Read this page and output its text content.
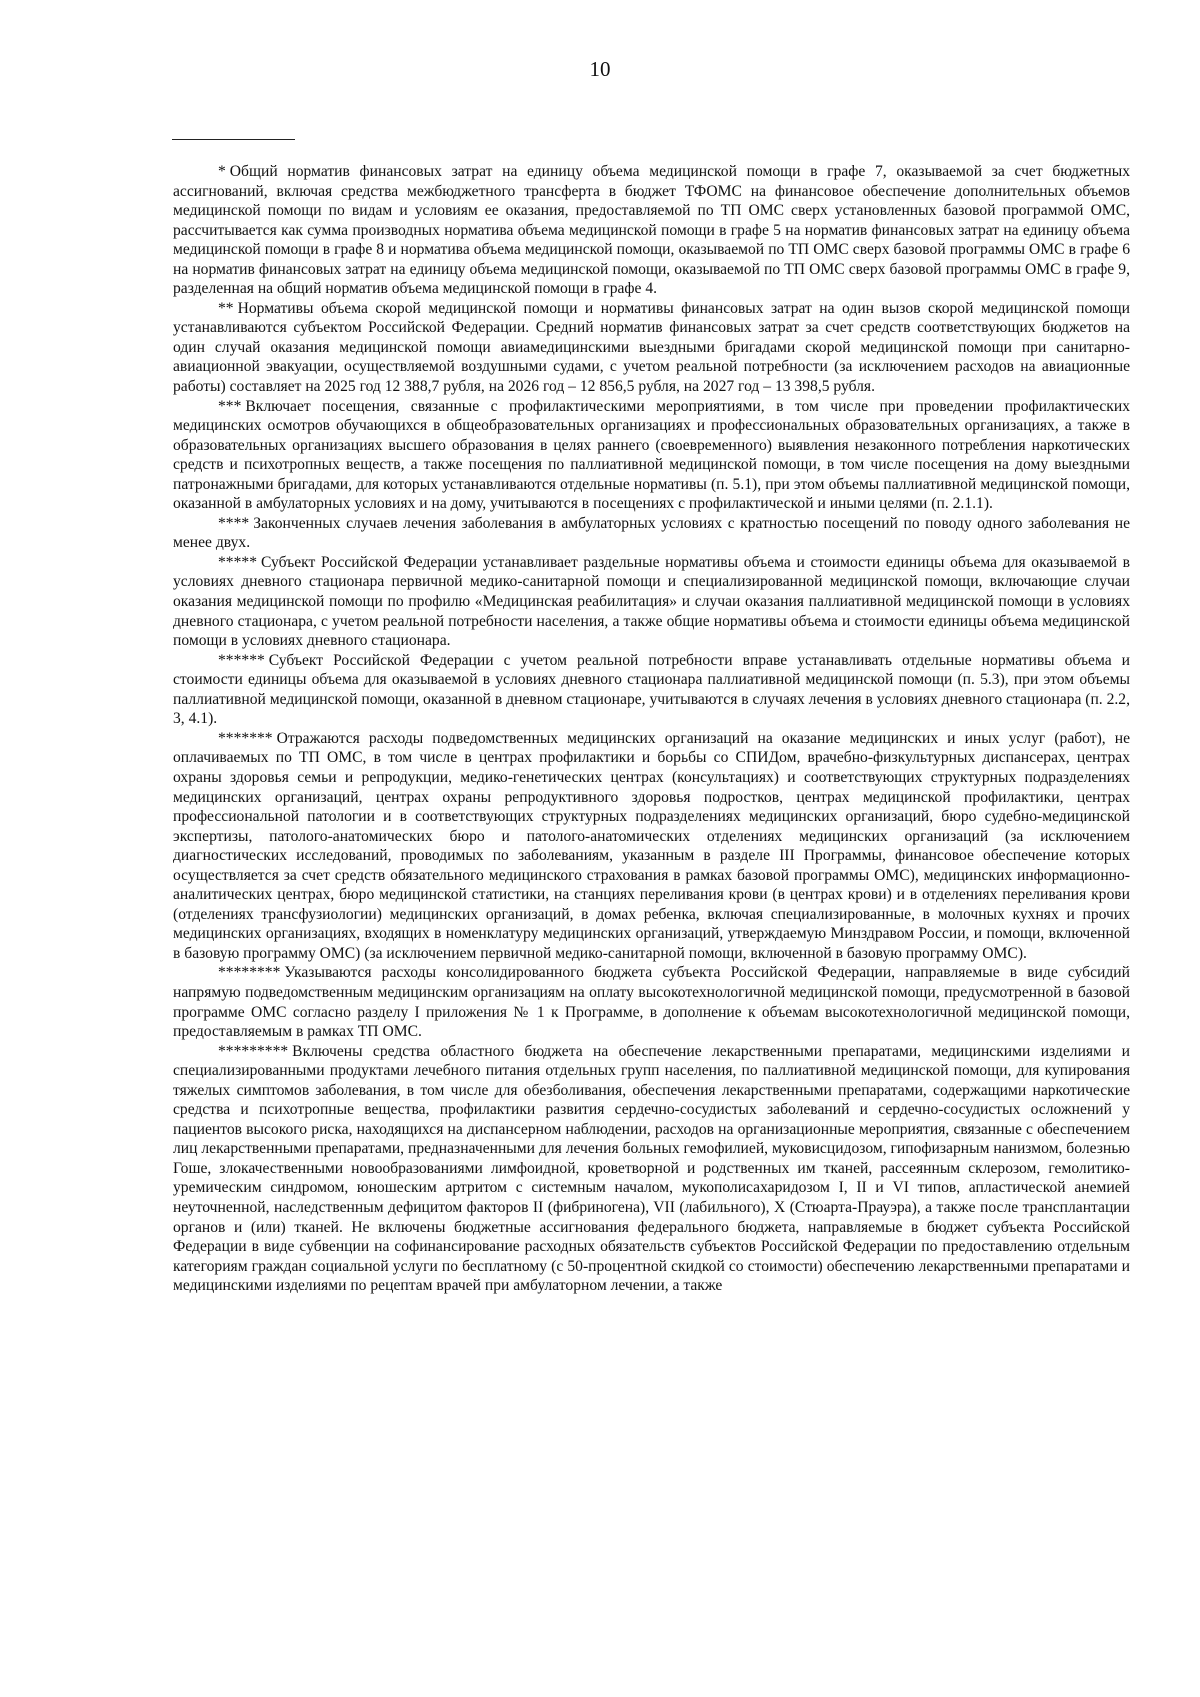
10

* Общий норматив финансовых затрат на единицу объема медицинской помощи в графе 7, оказываемой за счет бюджетных ассигнований, включая средства межбюджетного трансферта в бюджет ТФОМС на финансовое обеспечение дополнительных объемов медицинской помощи по видам и условиям ее оказания, предоставляемой по ТП ОМС сверх установленных базовой программой ОМС, рассчитывается как сумма производных норматива объема медицинской помощи в графе 5 на норматив финансовых затрат на единицу объема медицинской помощи в графе 8 и норматива объема медицинской помощи, оказываемой по ТП ОМС сверх базовой программы ОМС в графе 6 на норматив финансовых затрат на единицу объема медицинской помощи, оказываемой по ТП ОМС сверх базовой программы ОМС в графе 9, разделенная на общий норматив объема медицинской помощи в графе 4.

** Нормативы объема скорой медицинской помощи и нормативы финансовых затрат на один вызов скорой медицинской помощи устанавливаются субъектом Российской Федерации. Средний норматив финансовых затрат за счет средств соответствующих бюджетов на один случай оказания медицинской помощи авиамедицинскими выездными бригадами скорой медицинской помощи при санитарно-авиационной эвакуации, осуществляемой воздушными судами, с учетом реальной потребности (за исключением расходов на авиационные работы) составляет на 2025 год 12 388,7 рубля, на 2026 год – 12 856,5 рубля, на 2027 год – 13 398,5 рубля.

*** Включает посещения, связанные с профилактическими мероприятиями, в том числе при проведении профилактических медицинских осмотров обучающихся в общеобразовательных организациях и профессиональных образовательных организациях, а также в образовательных организациях высшего образования в целях раннего (своевременного) выявления незаконного потребления наркотических средств и психотропных веществ, а также посещения по паллиативной медицинской помощи, в том числе посещения на дому выездными патронажными бригадами, для которых устанавливаются отдельные нормативы (п. 5.1), при этом объемы паллиативной медицинской помощи, оказанной в амбулаторных условиях и на дому, учитываются в посещениях с профилактической и иными целями (п. 2.1.1).

**** Законченных случаев лечения заболевания в амбулаторных условиях с кратностью посещений по поводу одного заболевания не менее двух.

***** Субъект Российской Федерации устанавливает раздельные нормативы объема и стоимости единицы объема для оказываемой в условиях дневного стационара первичной медико-санитарной помощи и специализированной медицинской помощи, включающие случаи оказания медицинской помощи по профилю «Медицинская реабилитация» и случаи оказания паллиативной медицинской помощи в условиях дневного стационара, с учетом реальной потребности населения, а также общие нормативы объема и стоимости единицы объема медицинской помощи в условиях дневного стационара.

****** Субъект Российской Федерации с учетом реальной потребности вправе устанавливать отдельные нормативы объема и стоимости единицы объема для оказываемой в условиях дневного стационара паллиативной медицинской помощи (п. 5.3), при этом объемы паллиативной медицинской помощи, оказанной в дневном стационаре, учитываются в случаях лечения в условиях дневного стационара (п. 2.2, 3, 4.1).

******* Отражаются расходы подведомственных медицинских организаций на оказание медицинских и иных услуг (работ), не оплачиваемых по ТП ОМС, в том числе в центрах профилактики и борьбы со СПИДом, врачебно-физкультурных диспансерах, центрах охраны здоровья семьи и репродукции, медико-генетических центрах (консультациях) и соответствующих структурных подразделениях медицинских организаций, центрах охраны репродуктивного здоровья подростков, центрах медицинской профилактики, центрах профессиональной патологии и в соответствующих структурных подразделениях медицинских организаций, бюро судебно-медицинской экспертизы, патолого-анатомических бюро и патолого-анатомических отделениях медицинских организаций (за исключением диагностических исследований, проводимых по заболеваниям, указанным в разделе III Программы, финансовое обеспечение которых осуществляется за счет средств обязательного медицинского страхования в рамках базовой программы ОМС), медицинских информационно-аналитических центрах, бюро медицинской статистики, на станциях переливания крови (в центрах крови) и в отделениях переливания крови (отделениях трансфузиологии) медицинских организаций, в домах ребенка, включая специализированные, в молочных кухнях и прочих медицинских организациях, входящих в номенклатуру медицинских организаций, утверждаемую Минздравом России, и помощи, включенной в базовую программу ОМС) (за исключением первичной медико-санитарной помощи, включенной в базовую программу ОМС).

******** Указываются расходы консолидированного бюджета субъекта Российской Федерации, направляемые в виде субсидий напрямую подведомственным медицинским организациям на оплату высокотехнологичной медицинской помощи, предусмотренной в базовой программе ОМС согласно разделу I приложения № 1 к Программе, в дополнение к объемам высокотехнологичной медицинской помощи, предоставляемым в рамках ТП ОМС.

********* Включены средства областного бюджета на обеспечение лекарственными препаратами, медицинскими изделиями и специализированными продуктами лечебного питания отдельных групп населения, по паллиативной медицинской помощи, для купирования тяжелых симптомов заболевания, в том числе для обезболивания, обеспечения лекарственными препаратами, содержащими наркотические средства и психотропные вещества, профилактики развития сердечно-сосудистых заболеваний и сердечно-сосудистых осложнений у пациентов высокого риска, находящихся на диспансерном наблюдении, расходов на организационные мероприятия, связанные с обеспечением лиц лекарственными препаратами, предназначенными для лечения больных гемофилией, муковисцидозом, гипофизарным нанизмом, болезнью Гоше, злокачественными новообразованиями лимфоидной, кроветворной и родственных им тканей, рассеянным склерозом, гемолитико-уремическим синдромом, юношеским артритом с системным началом, мукополисахаридозом I, II и VI типов, апластической анемией неуточненной, наследственным дефицитом факторов II (фибриногена), VII (лабильного), X (Стюарта-Прауэра), а также после трансплантации органов и (или) тканей. Не включены бюджетные ассигнования федерального бюджета, направляемые в бюджет субъекта Российской Федерации в виде субвенции на софинансирование расходных обязательств субъектов Российской Федерации по предоставлению отдельным категориям граждан социальной услуги по бесплатному (с 50-процентной скидкой со стоимости) обеспечению лекарственными препаратами и медицинскими изделиями по рецептам врачей при амбулаторном лечении, а также
